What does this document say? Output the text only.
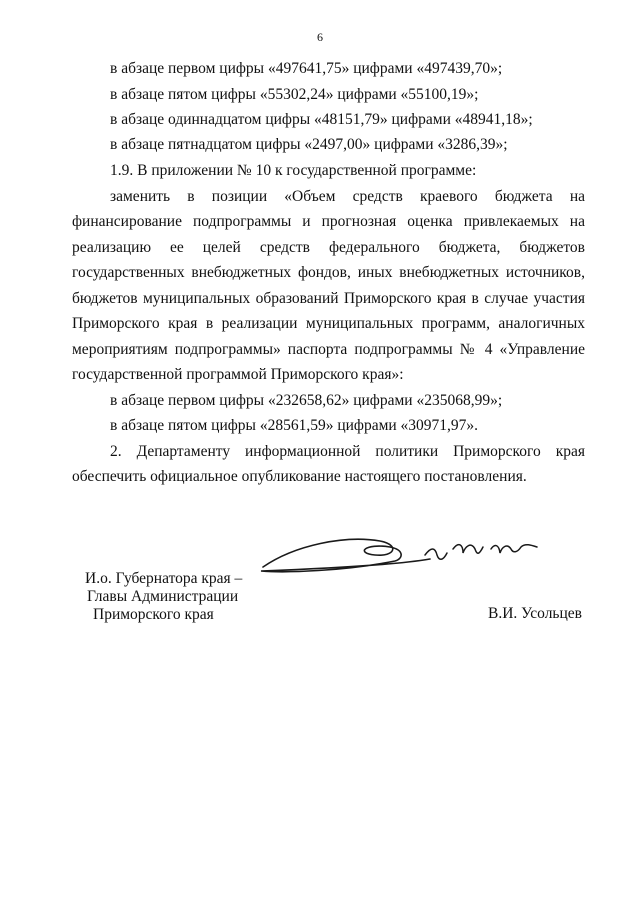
6
в абзаце первом цифры «497641,75» цифрами «497439,70»;
в абзаце пятом цифры «55302,24» цифрами «55100,19»;
в абзаце одиннадцатом цифры «48151,79» цифрами «48941,18»;
в абзаце пятнадцатом цифры «2497,00» цифрами «3286,39»;
1.9. В приложении № 10 к государственной программе:
заменить в позиции «Объем средств краевого бюджета на
финансирование подпрограммы и прогнозная оценка привлекаемых на
реализацию ее целей средств федерального бюджета, бюджетов
государственных внебюджетных фондов, иных внебюджетных источников,
бюджетов муниципальных образований Приморского края в случае участия
Приморского края в реализации муниципальных программ, аналогичных
мероприятиям подпрограммы» паспорта подпрограммы № 4 «Управление
государственной программой Приморского края»:
в абзаце первом цифры «232658,62» цифрами «235068,99»;
в абзаце пятом цифры «28561,59» цифрами «30971,97».
2. Департаменту информационной политики Приморского края
обеспечить официальное опубликование настоящего постановления.
И.о. Губернатора края –
Главы Администрации
Приморского края	В.И. Усольцев
